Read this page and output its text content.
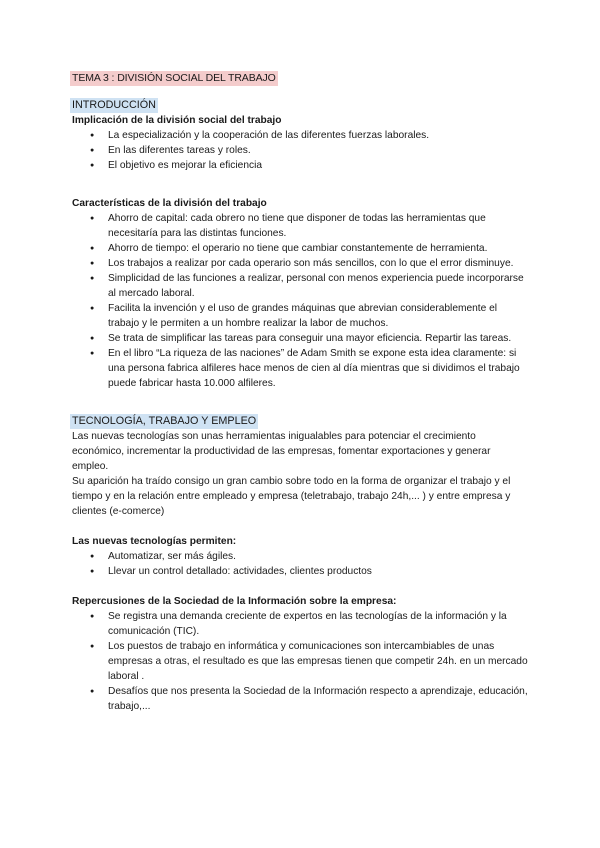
TEMA 3 : DIVISIÓN SOCIAL DEL TRABAJO

INTRODUCCIÓN

Implicación de la división social del trabajo

● La especialización y la cooperación de las diferentes fuerzas laborales.
● En las diferentes tareas y roles.
● El objetivo es mejorar la eficiencia

Características de la división del trabajo

● Ahorro de capital: cada obrero no tiene que disponer de todas las herramientas que necesitaría para las distintas funciones.
● Ahorro de tiempo: el operario no tiene que cambiar constantemente de herramienta.
● Los trabajos a realizar por cada operario son más sencillos, con lo que el error disminuye.
● Simplicidad de las funciones a realizar, personal con menos experiencia puede incorporarse al mercado laboral.
● Facilita la invención y el uso de grandes máquinas que abrevian considerablemente el trabajo y le permiten a un hombre realizar la labor de muchos.
● Se trata de simplificar las tareas para conseguir una mayor eficiencia. Repartir las tareas.
● En el libro “La riqueza de las naciones” de Adam Smith se expone esta idea claramente: si una persona fabrica alfileres hace menos de cien al día mientras que si dividimos el trabajo puede fabricar hasta 10.000 alfileres.

TECNOLOGÍA, TRABAJO Y EMPLEO

Las nuevas tecnologías son unas herramientas inigualables para potenciar el crecimiento económico, incrementar la productividad de las empresas, fomentar exportaciones y generar empleo.

Su aparición ha traído consigo un gran cambio sobre todo en la forma de organizar el trabajo y el tiempo y en la relación entre empleado y empresa (teletrabajo, trabajo 24h,... ) y entre empresa y clientes (e-comerce)

Las nuevas tecnologías permiten:

● Automatizar, ser más ágiles.
● Llevar un control detallado: actividades, clientes productos

Repercusiones de la Sociedad de la Información sobre la empresa:

● Se registra una demanda creciente de expertos en las tecnologías de la información y la comunicación (TIC).
● Los puestos de trabajo en informática y comunicaciones son intercambiables de unas empresas a otras, el resultado es que las empresas tienen que competir 24h. en un mercado laboral .
● Desafíos que nos presenta la Sociedad de la Información respecto a aprendizaje, educación, trabajo,...
